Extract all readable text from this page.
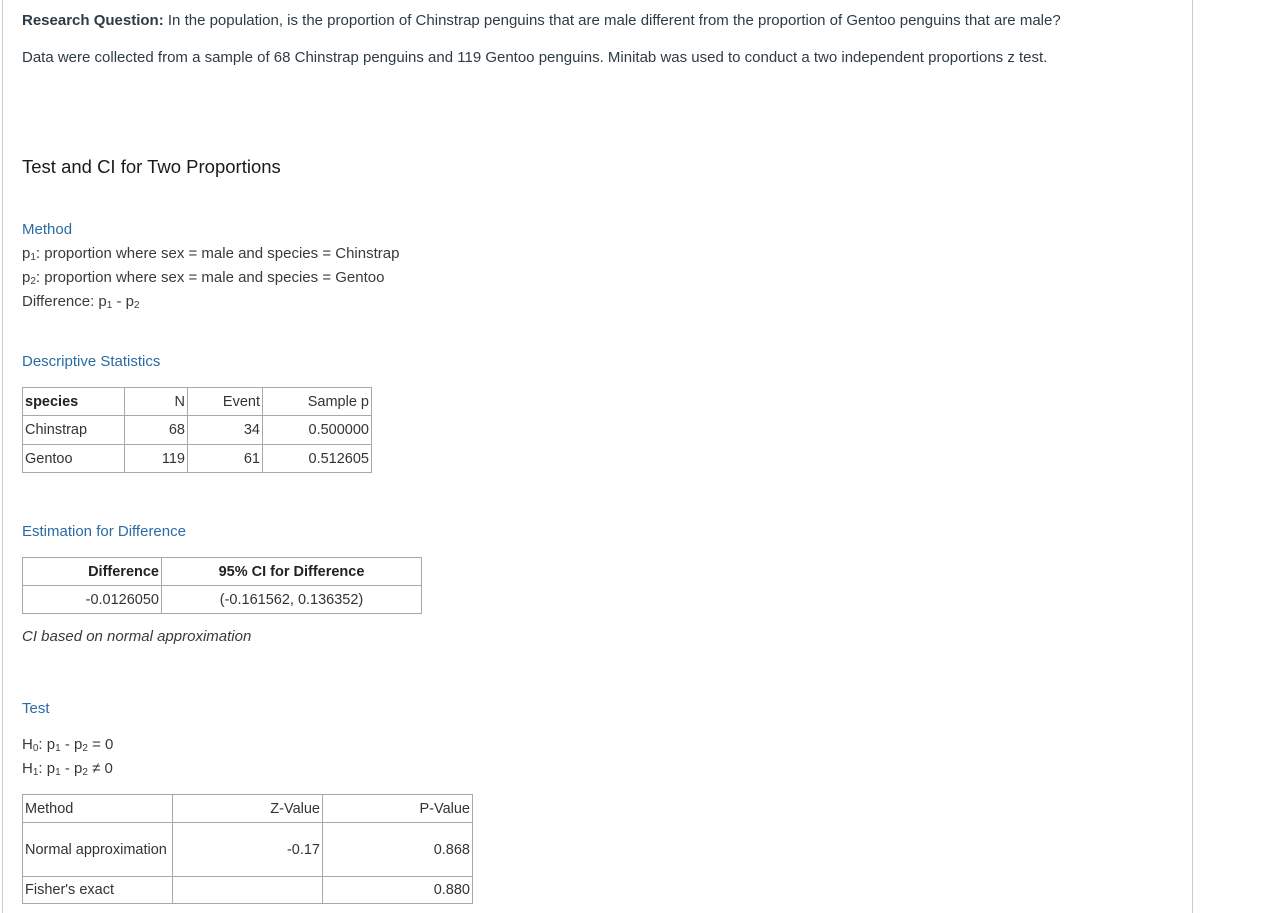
Research Question: In the population, is the proportion of Chinstrap penguins that are male different from the proportion of Gentoo penguins that are male?
Data were collected from a sample of 68 Chinstrap penguins and 119 Gentoo penguins. Minitab was used to conduct a two independent proportions z test.
Test and CI for Two Proportions
Method
$p_1$: proportion where sex = male and species = Chinstrap
$p_2$: proportion where sex = male and species = Gentoo
Difference: $p_1 - p_2$
Descriptive Statistics
species	N	Event	Sample p
Chinstrap	68	34	0.500000
Gentoo	119	61	0.512605
Estimation for Difference
Difference	95% CI for Difference
-0.0126050	(-0.161562, 0.136352)
CI based on normal approximation
Test
$H_0$: $p_1 - p_2 = 0$
$H_1$: $p_1 - p_2 \ne 0$
Method	Z-Value	P-Value
Normal approximation	-0.17	0.868
Fisher's exact		0.880
